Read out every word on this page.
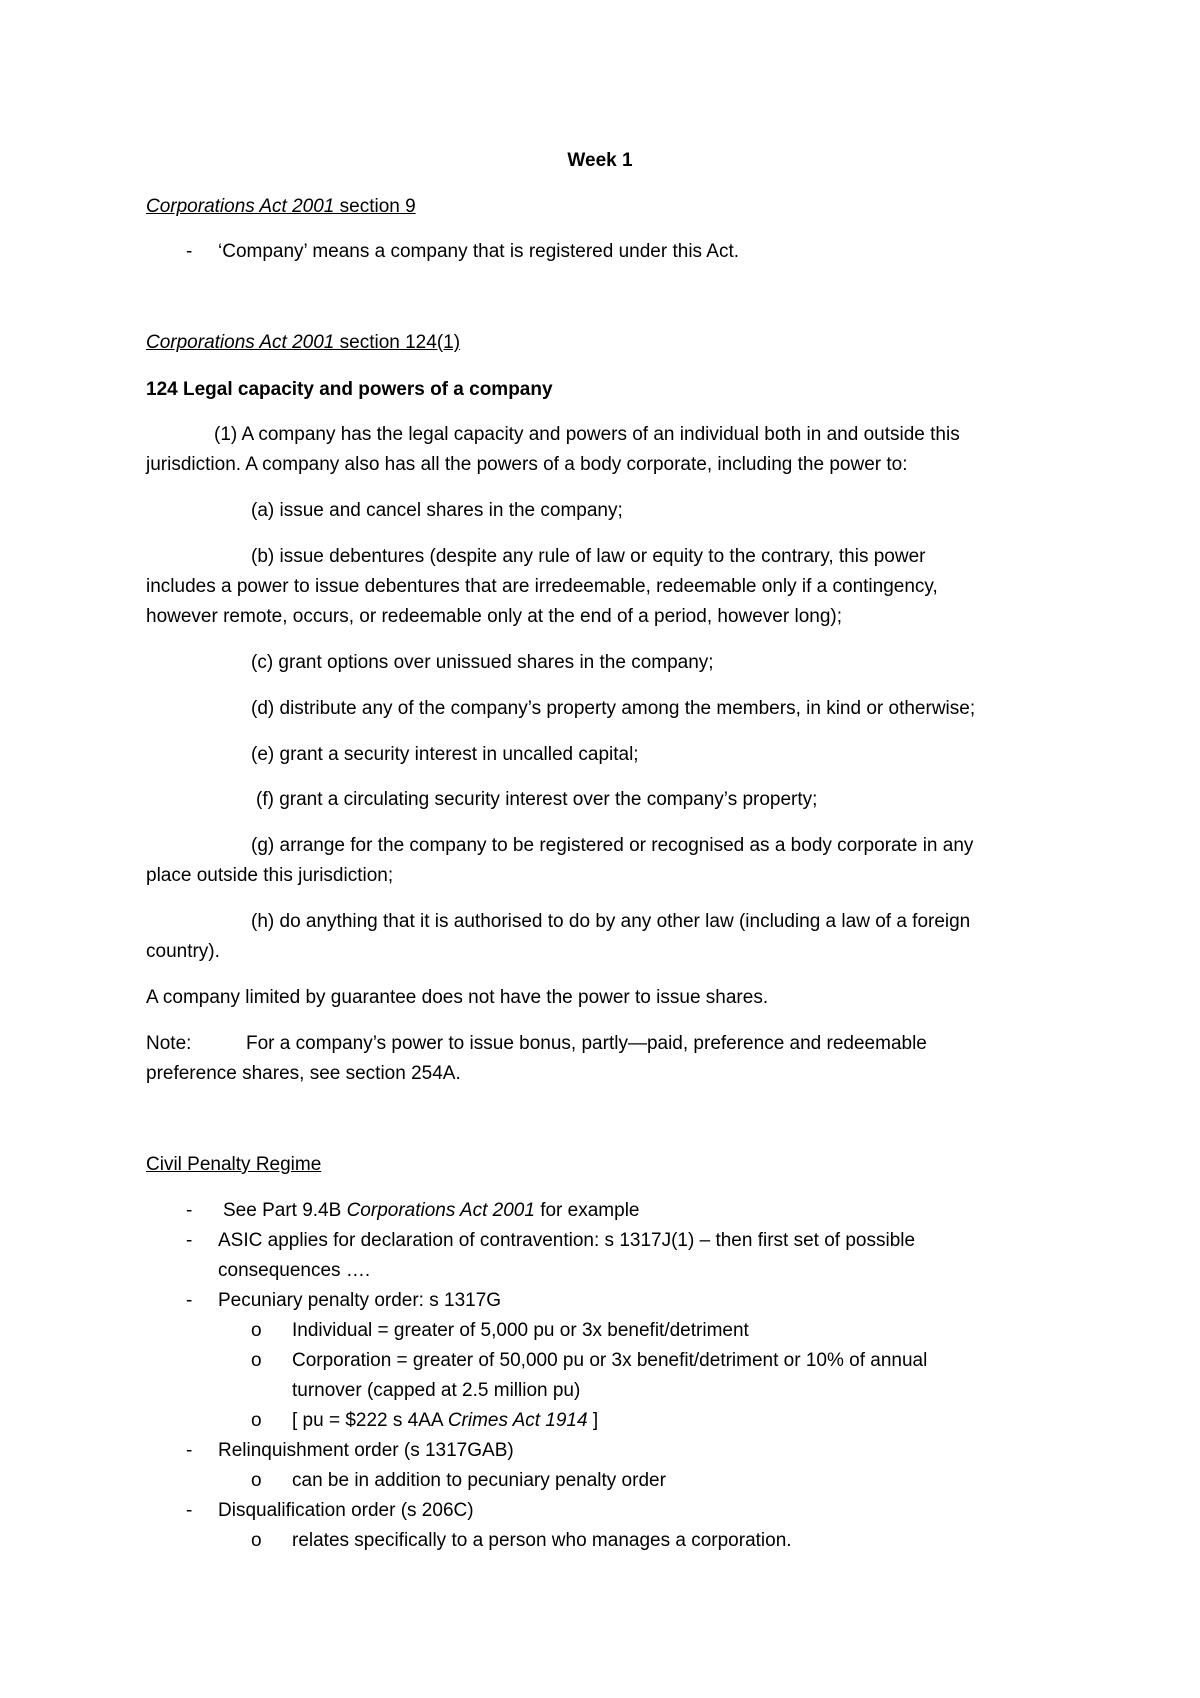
Week 1
Corporations Act 2001 section 9
- ‘Company’ means a company that is registered under this Act.
Corporations Act 2001 section 124(1)
124 Legal capacity and powers of a company
(1) A company has the legal capacity and powers of an individual both in and outside this
jurisdiction. A company also has all the powers of a body corporate, including the power to:
(a) issue and cancel shares in the company;
(b) issue debentures (despite any rule of law or equity to the contrary, this power
includes a power to issue debentures that are irredeemable, redeemable only if a contingency,
however remote, occurs, or redeemable only at the end of a period, however long);
(c) grant options over unissued shares in the company;
(d) distribute any of the company’s property among the members, in kind or otherwise;
(e) grant a security interest in uncalled capital;
(f) grant a circulating security interest over the company’s property;
(g) arrange for the company to be registered or recognised as a body corporate in any
place outside this jurisdiction;
(h) do anything that it is authorised to do by any other law (including a law of a foreign
country).
A company limited by guarantee does not have the power to issue shares.
Note:	For a company’s power to issue bonus, partly—paid, preference and redeemable
preference shares, see section 254A.
Civil Penalty Regime
- See Part 9.4B Corporations Act 2001 for example
- ASIC applies for declaration of contravention: s 1317J(1) – then first set of possible
consequences ….
- Pecuniary penalty order: s 1317G
o Individual = greater of 5,000 pu or 3x benefit/detriment
o Corporation = greater of 50,000 pu or 3x benefit/detriment or 10% of annual
turnover (capped at 2.5 million pu)
o [ pu = $222 s 4AA Crimes Act 1914 ]
- Relinquishment order (s 1317GAB)
o can be in addition to pecuniary penalty order
- Disqualification order (s 206C)
o relates specifically to a person who manages a corporation.
